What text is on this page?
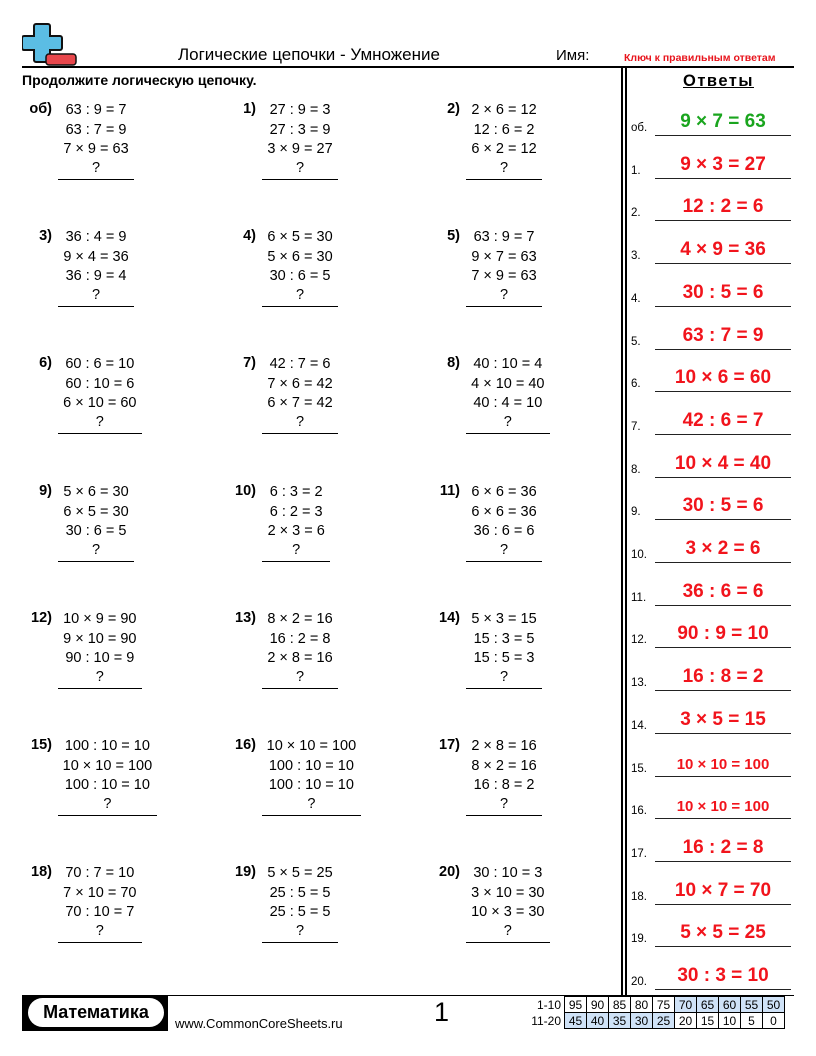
Логические цепочки - Умножение	Имя:	Ключ к правильным ответам
Продолжите логическую цепочку.
об) 63 : 9 = 7
63 : 7 = 9
7 × 9 = 63
?
1) 27 : 9 = 3
27 : 3 = 9
3 × 9 = 27
?
2) 2 × 6 = 12
12 : 6 = 2
6 × 2 = 12
?
3) 36 : 4 = 9
9 × 4 = 36
36 : 9 = 4
?
4) 6 × 5 = 30
5 × 6 = 30
30 : 6 = 5
?
5) 63 : 9 = 7
9 × 7 = 63
7 × 9 = 63
?
6) 60 : 6 = 10
60 : 10 = 6
6 × 10 = 60
?
7) 42 : 7 = 6
7 × 6 = 42
6 × 7 = 42
?
8) 40 : 10 = 4
4 × 10 = 40
40 : 4 = 10
?
9) 5 × 6 = 30
6 × 5 = 30
30 : 6 = 5
?
10) 6 : 3 = 2
6 : 2 = 3
2 × 3 = 6
?
11) 6 × 6 = 36
6 × 6 = 36
36 : 6 = 6
?
12) 10 × 9 = 90
9 × 10 = 90
90 : 10 = 9
?
13) 8 × 2 = 16
16 : 2 = 8
2 × 8 = 16
?
14) 5 × 3 = 15
15 : 3 = 5
15 : 5 = 3
?
15) 100 : 10 = 10
10 × 10 = 100
100 : 10 = 10
?
16) 10 × 10 = 100
100 : 10 = 10
100 : 10 = 10
?
17) 2 × 8 = 16
8 × 2 = 16
16 : 8 = 2
?
18) 70 : 7 = 10
7 × 10 = 70
70 : 10 = 7
?
19) 5 × 5 = 25
25 : 5 = 5
25 : 5 = 5
?
20) 30 : 10 = 3
3 × 10 = 30
10 × 3 = 30
?
Ответы
об.	9 × 7 = 63
1.	9 × 3 = 27
2.	12 : 2 = 6
3.	4 × 9 = 36
4.	30 : 5 = 6
5.	63 : 7 = 9
6.	10 × 6 = 60
7.	42 : 6 = 7
8.	10 × 4 = 40
9.	30 : 5 = 6
10.	3 × 2 = 6
11.	36 : 6 = 6
12.	90 : 9 = 10
13.	16 : 8 = 2
14.	3 × 5 = 15
15.	10 × 10 = 100
16.	10 × 10 = 100
17.	16 : 2 = 8
18.	10 × 7 = 70
19.	5 × 5 = 25
20.	30 : 3 = 10
Математика
www.CommonCoreSheets.ru	1	1-10	95	90	85	80	75	70	65	60	55	50
11-20	45	40	35	30	25	20	15	10	5	0
